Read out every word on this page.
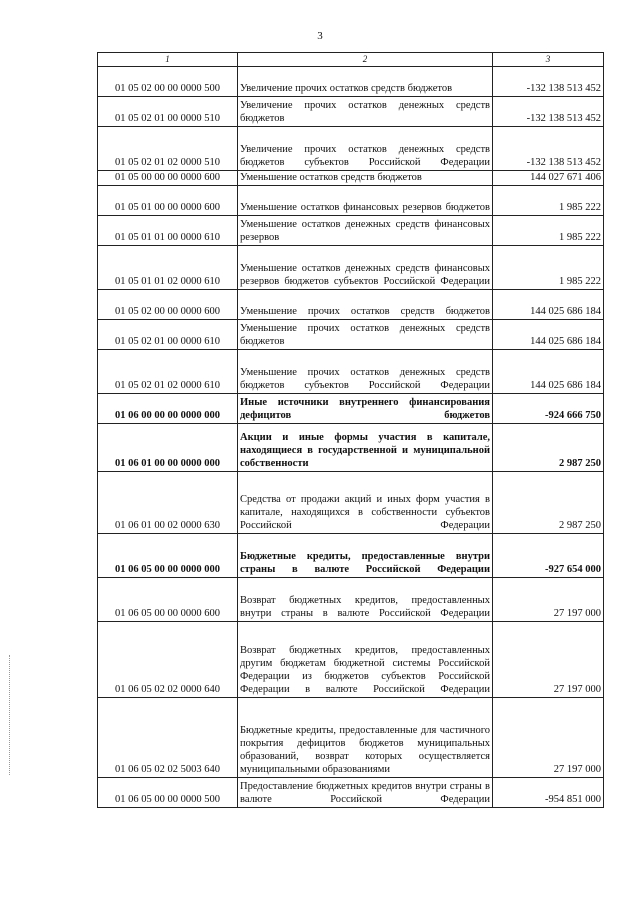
3
1	2	3
01 05 02 00 00 0000 500	Увеличение прочих остатков средств бюджетов	-132 138 513 452
01 05 02 01 00 0000 510	Увеличение прочих остатков денежных средств бюджетов	-132 138 513 452
01 05 02 01 02 0000 510	Увеличение прочих остатков денежных средств бюджетов субъектов Российской Федерации	-132 138 513 452
01 05 00 00 00 0000 600	Уменьшение остатков средств бюджетов	144 027 671 406
01 05 01 00 00 0000 600	Уменьшение остатков финансовых резервов бюджетов	1 985 222
01 05 01 01 00 0000 610	Уменьшение остатков денежных средств финансовых резервов	1 985 222
01 05 01 01 02 0000 610	Уменьшение остатков денежных средств финансовых резервов бюджетов субъектов Российской Федерации	1 985 222
01 05 02 00 00 0000 600	Уменьшение прочих остатков средств бюджетов	144 025 686 184
01 05 02 01 00 0000 610	Уменьшение прочих остатков денежных средств бюджетов	144 025 686 184
01 05 02 01 02 0000 610	Уменьшение прочих остатков денежных средств бюджетов субъектов Российской Федерации	144 025 686 184
01 06 00 00 00 0000 000	Иные источники внутреннего финансирования дефицитов бюджетов	-924 666 750
01 06 01 00 00 0000 000	Акции и иные формы участия в капитале, находящиеся в государственной и муниципальной собственности	2 987 250
01 06 01 00 02 0000 630	Средства от продажи акций и иных форм участия в капитале, находящихся в собственности субъектов Российской Федерации	2 987 250
01 06 05 00 00 0000 000	Бюджетные кредиты, предоставленные внутри страны в валюте Российской Федерации	-927 654 000
01 06 05 00 00 0000 600	Возврат бюджетных кредитов, предоставленных внутри страны в валюте Российской Федерации	27 197 000
01 06 05 02 02 0000 640	Возврат бюджетных кредитов, предоставленных другим бюджетам бюджетной системы Российской Федерации из бюджетов субъектов Российской Федерации в валюте Российской Федерации	27 197 000
01 06 05 02 02 5003 640	Бюджетные кредиты, предоставленные для частичного покрытия дефицитов бюджетов муниципальных образований, возврат которых осуществляется муниципальными образованиями	27 197 000
01 06 05 00 00 0000 500	Предоставление бюджетных кредитов внутри страны в валюте Российской Федерации	-954 851 000
